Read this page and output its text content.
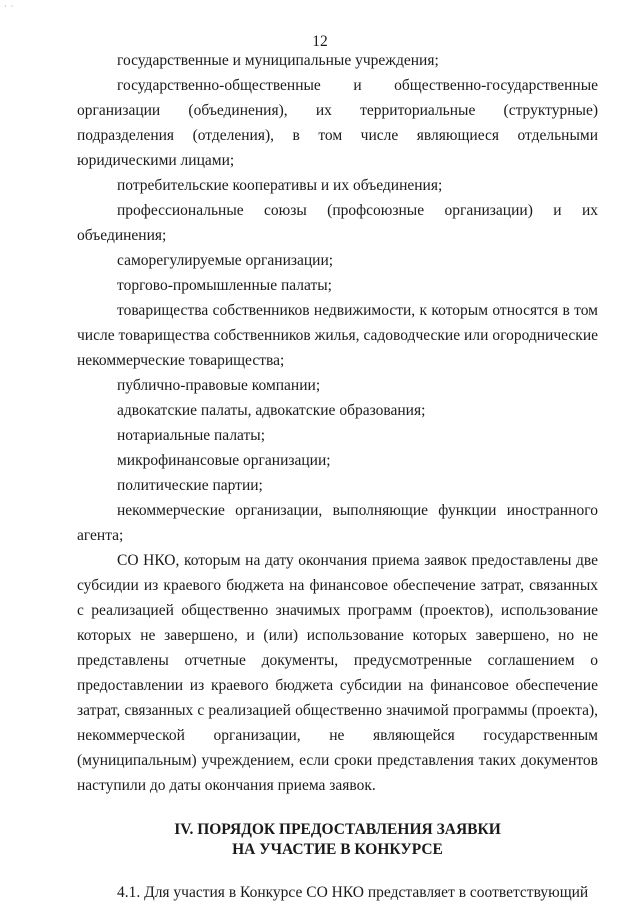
· ·
12

государственные и муниципальные учреждения;

государственно-общественные и общественно-государственные организации (объединения), их территориальные (структурные) подразделения (отделения), в том числе являющиеся отдельными юридическими лицами;

потребительские кооперативы и их объединения;

профессиональные союзы (профсоюзные организации) и их объединения;

саморегулируемые организации;

торгово-промышленные палаты;

товарищества собственников недвижимости, к которым относятся в том числе товарищества собственников жилья, садоводческие или огороднические некоммерческие товарищества;

публично-правовые компании;

адвокатские палаты, адвокатские образования;

нотариальные палаты;

микрофинансовые организации;

политические партии;

некоммерческие организации, выполняющие функции иностранного агента;

СО НКО, которым на дату окончания приема заявок предоставлены две субсидии из краевого бюджета на финансовое обеспечение затрат, связанных с реализацией общественно значимых программ (проектов), использование которых не завершено, и (или) использование которых завершено, но не представлены отчетные документы, предусмотренные соглашением о предоставлении из краевого бюджета субсидии на финансовое обеспечение затрат, связанных с реализацией общественно значимой программы (проекта), некоммерческой организации, не являющейся государственным (муниципальным) учреждением, если сроки представления таких документов наступили до даты окончания приема заявок.

IV. ПОРЯДОК ПРЕДОСТАВЛЕНИЯ ЗАЯВКИ
НА УЧАСТИЕ В КОНКУРСЕ

4.1. Для участия в Конкурсе СО НКО представляет в соответствующий
